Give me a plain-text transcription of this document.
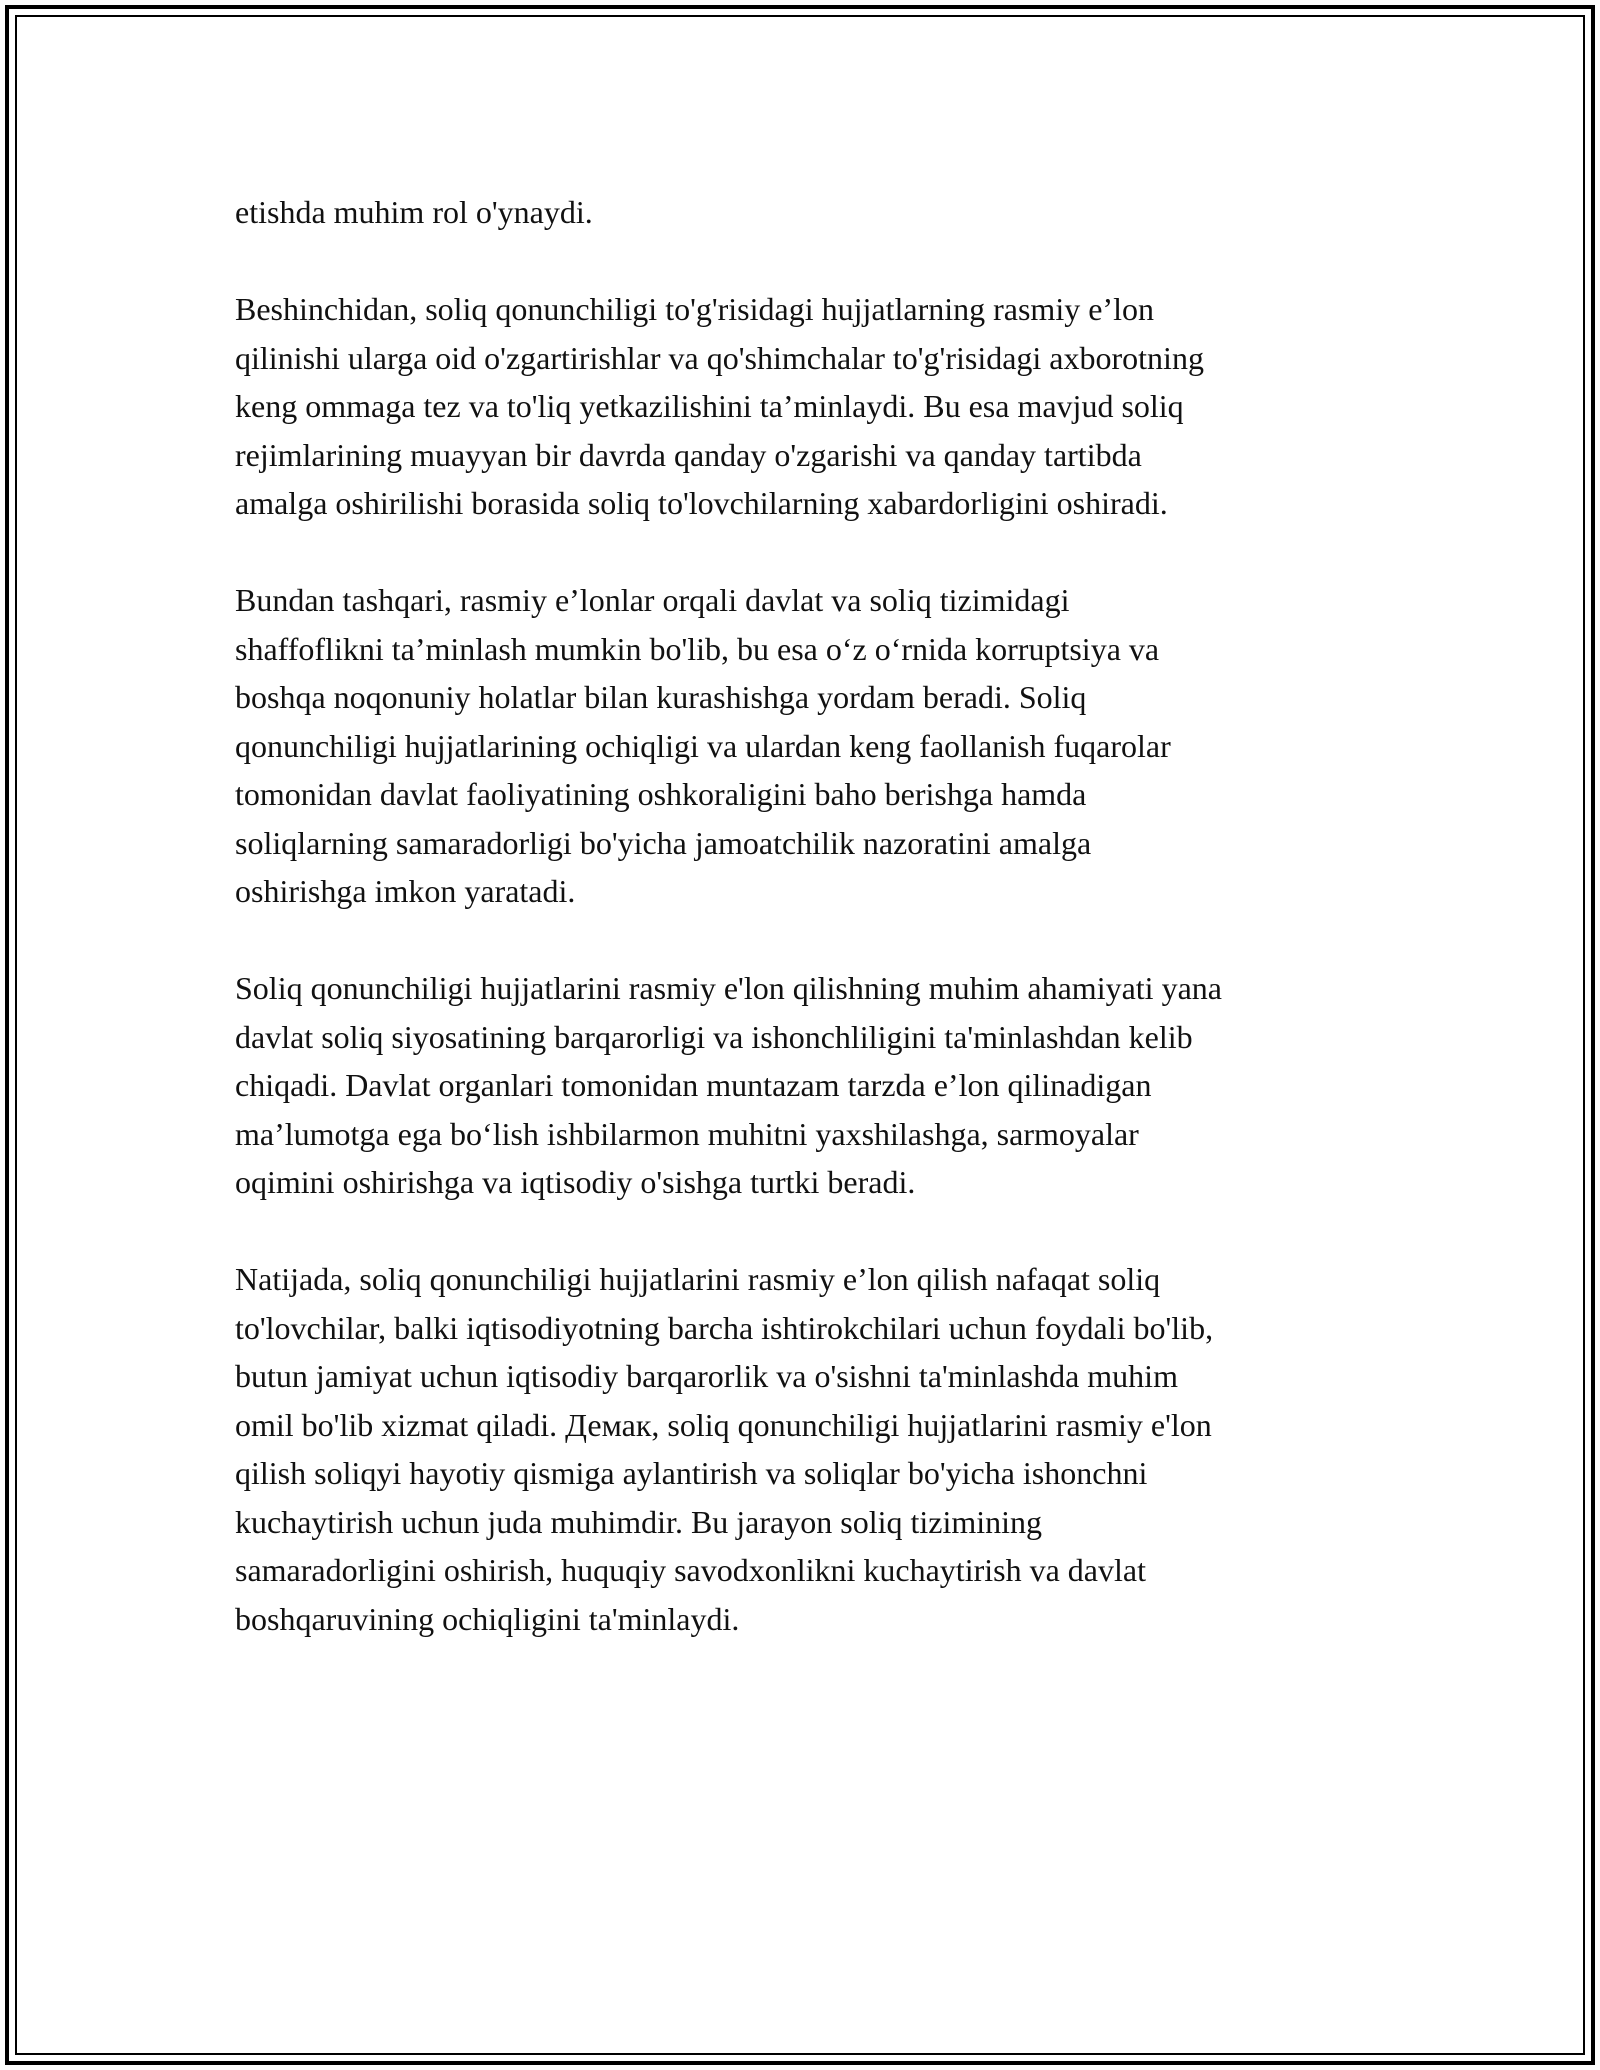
etishda muhim rol o'ynaydi.

Beshinchidan, soliq qonunchiligi to'g'risidagi hujjatlarning rasmiy e’lon
qilinishi ularga oid o'zgartirishlar va qo'shimchalar to'g'risidagi axborotning
keng ommaga tez va to'liq yetkazilishini ta’minlaydi. Bu esa mavjud soliq
rejimlarining muayyan bir davrda qanday o'zgarishi va qanday tartibda
amalga oshirilishi borasida soliq to'lovchilarning xabardorligini oshiradi.

Bundan tashqari, rasmiy e’lonlar orqali davlat va soliq tizimidagi
shaffoflikni ta’minlash mumkin bo'lib, bu esa o‘z o‘rnida korruptsiya va
boshqa noqonuniy holatlar bilan kurashishga yordam beradi. Soliq
qonunchiligi hujjatlarining ochiqligi va ulardan keng faollanish fuqarolar
tomonidan davlat faoliyatining oshkoraligini baho berishga hamda
soliqlarning samaradorligi bo'yicha jamoatchilik nazoratini amalga
oshirishga imkon yaratadi.

Soliq qonunchiligi hujjatlarini rasmiy e'lon qilishning muhim ahamiyati yana
davlat soliq siyosatining barqarorligi va ishonchliligini ta'minlashdan kelib
chiqadi. Davlat organlari tomonidan muntazam tarzda e’lon qilinadigan
ma’lumotga ega bo‘lish ishbilarmon muhitni yaxshilashga, sarmoyalar
oqimini oshirishga va iqtisodiy o'sishga turtki beradi.

Natijada, soliq qonunchiligi hujjatlarini rasmiy e’lon qilish nafaqat soliq
to'lovchilar, balki iqtisodiyotning barcha ishtirokchilari uchun foydali bo'lib,
butun jamiyat uchun iqtisodiy barqarorlik va o'sishni ta'minlashda muhim
omil bo'lib xizmat qiladi. Демак, soliq qonunchiligi hujjatlarini rasmiy e'lon
qilish soliqyi hayotiy qismiga aylantirish va soliqlar bo'yicha ishonchni
kuchaytirish uchun juda muhimdir. Bu jarayon soliq tizimining
samaradorligini oshirish, huquqiy savodxonlikni kuchaytirish va davlat
boshqaruvining ochiqligini ta'minlaydi.
